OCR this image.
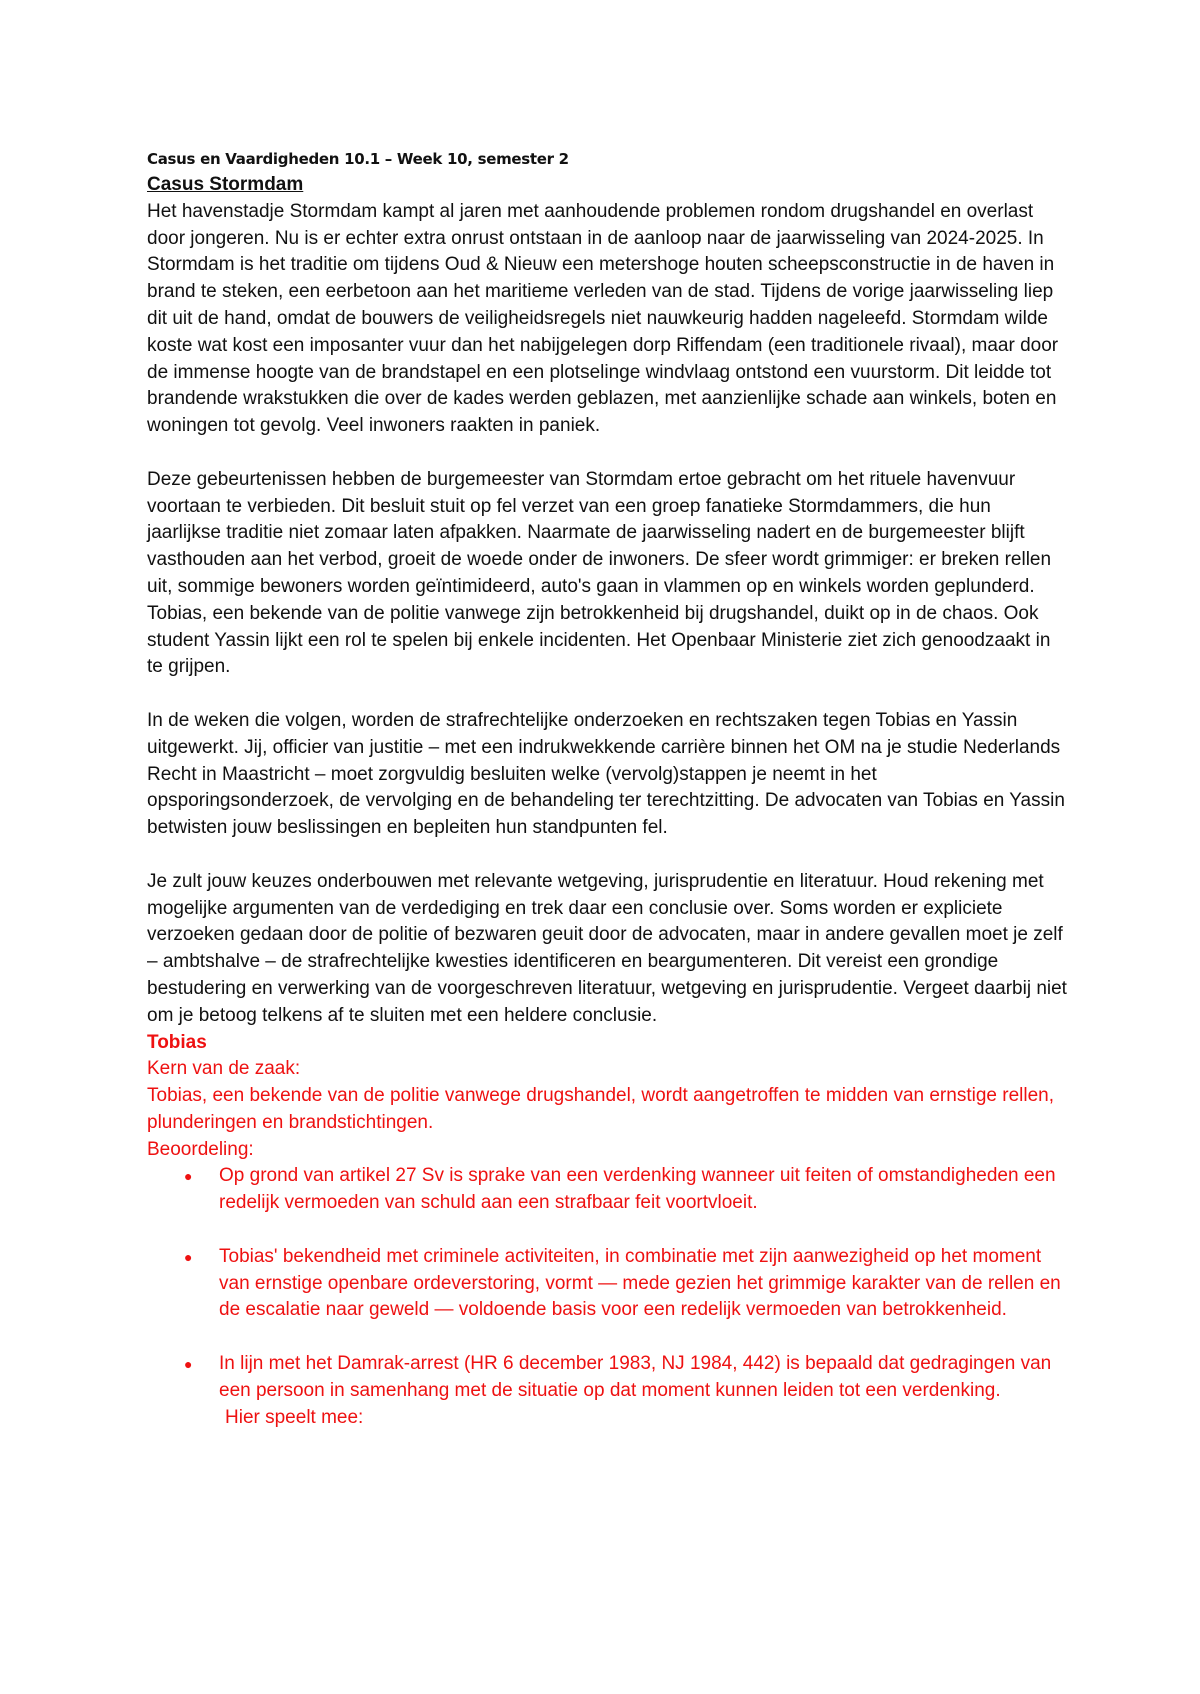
Casus en Vaardigheden 10.1 – Week 10, semester 2

Casus Stormdam

Het havenstadje Stormdam kampt al jaren met aanhoudende problemen rondom drugshandel en overlast door jongeren. Nu is er echter extra onrust ontstaan in de aanloop naar de jaarwisseling van 2024-2025. In Stormdam is het traditie om tijdens Oud & Nieuw een metershoge houten scheepsconstructie in de haven in brand te steken, een eerbetoon aan het maritieme verleden van de stad. Tijdens de vorige jaarwisseling liep dit uit de hand, omdat de bouwers de veiligheidsregels niet nauwkeurig hadden nageleefd. Stormdam wilde koste wat kost een imposanter vuur dan het nabijgelegen dorp Riffendam (een traditionele rivaal), maar door de immense hoogte van de brandstapel en een plotselinge windvlaag ontstond een vuurstorm. Dit leidde tot brandende wrakstukken die over de kades werden geblazen, met aanzienlijke schade aan winkels, boten en woningen tot gevolg. Veel inwoners raakten in paniek.

Deze gebeurtenissen hebben de burgemeester van Stormdam ertoe gebracht om het rituele havenvuur voortaan te verbieden. Dit besluit stuit op fel verzet van een groep fanatieke Stormdammers, die hun jaarlijkse traditie niet zomaar laten afpakken. Naarmate de jaarwisseling nadert en de burgemeester blijft vasthouden aan het verbod, groeit de woede onder de inwoners. De sfeer wordt grimmiger: er breken rellen uit, sommige bewoners worden geïntimideerd, auto's gaan in vlammen op en winkels worden geplunderd. Tobias, een bekende van de politie vanwege zijn betrokkenheid bij drugshandel, duikt op in de chaos. Ook student Yassin lijkt een rol te spelen bij enkele incidenten. Het Openbaar Ministerie ziet zich genoodzaakt in te grijpen.

In de weken die volgen, worden de strafrechtelijke onderzoeken en rechtszaken tegen Tobias en Yassin uitgewerkt. Jij, officier van justitie – met een indrukwekkende carrière binnen het OM na je studie Nederlands Recht in Maastricht – moet zorgvuldig besluiten welke (vervolg)stappen je neemt in het opsporingsonderzoek, de vervolging en de behandeling ter terechtzitting. De advocaten van Tobias en Yassin betwisten jouw beslissingen en bepleiten hun standpunten fel.

Je zult jouw keuzes onderbouwen met relevante wetgeving, jurisprudentie en literatuur. Houd rekening met mogelijke argumenten van de verdediging en trek daar een conclusie over. Soms worden er expliciete verzoeken gedaan door de politie of bezwaren geuit door de advocaten, maar in andere gevallen moet je zelf – ambtshalve – de strafrechtelijke kwesties identificeren en beargumenteren. Dit vereist een grondige bestudering en verwerking van de voorgeschreven literatuur, wetgeving en jurisprudentie. Vergeet daarbij niet om je betoog telkens af te sluiten met een heldere conclusie.

Tobias

Kern van de zaak:

Tobias, een bekende van de politie vanwege drugshandel, wordt aangetroffen te midden van ernstige rellen, plunderingen en brandstichtingen.

Beoordeling:

● Op grond van artikel 27 Sv is sprake van een verdenking wanneer uit feiten of omstandigheden een redelijk vermoeden van schuld aan een strafbaar feit voortvloeit.
● Tobias' bekendheid met criminele activiteiten, in combinatie met zijn aanwezigheid op het moment van ernstige openbare ordeverstoring, vormt — mede gezien het grimmige karakter van de rellen en de escalatie naar geweld — voldoende basis voor een redelijk vermoeden van betrokkenheid.
● In lijn met het Damrak-arrest (HR 6 december 1983, NJ 1984, 442) is bepaald dat gedragingen van een persoon in samenhang met de situatie op dat moment kunnen leiden tot een verdenking.
Hier speelt mee:
